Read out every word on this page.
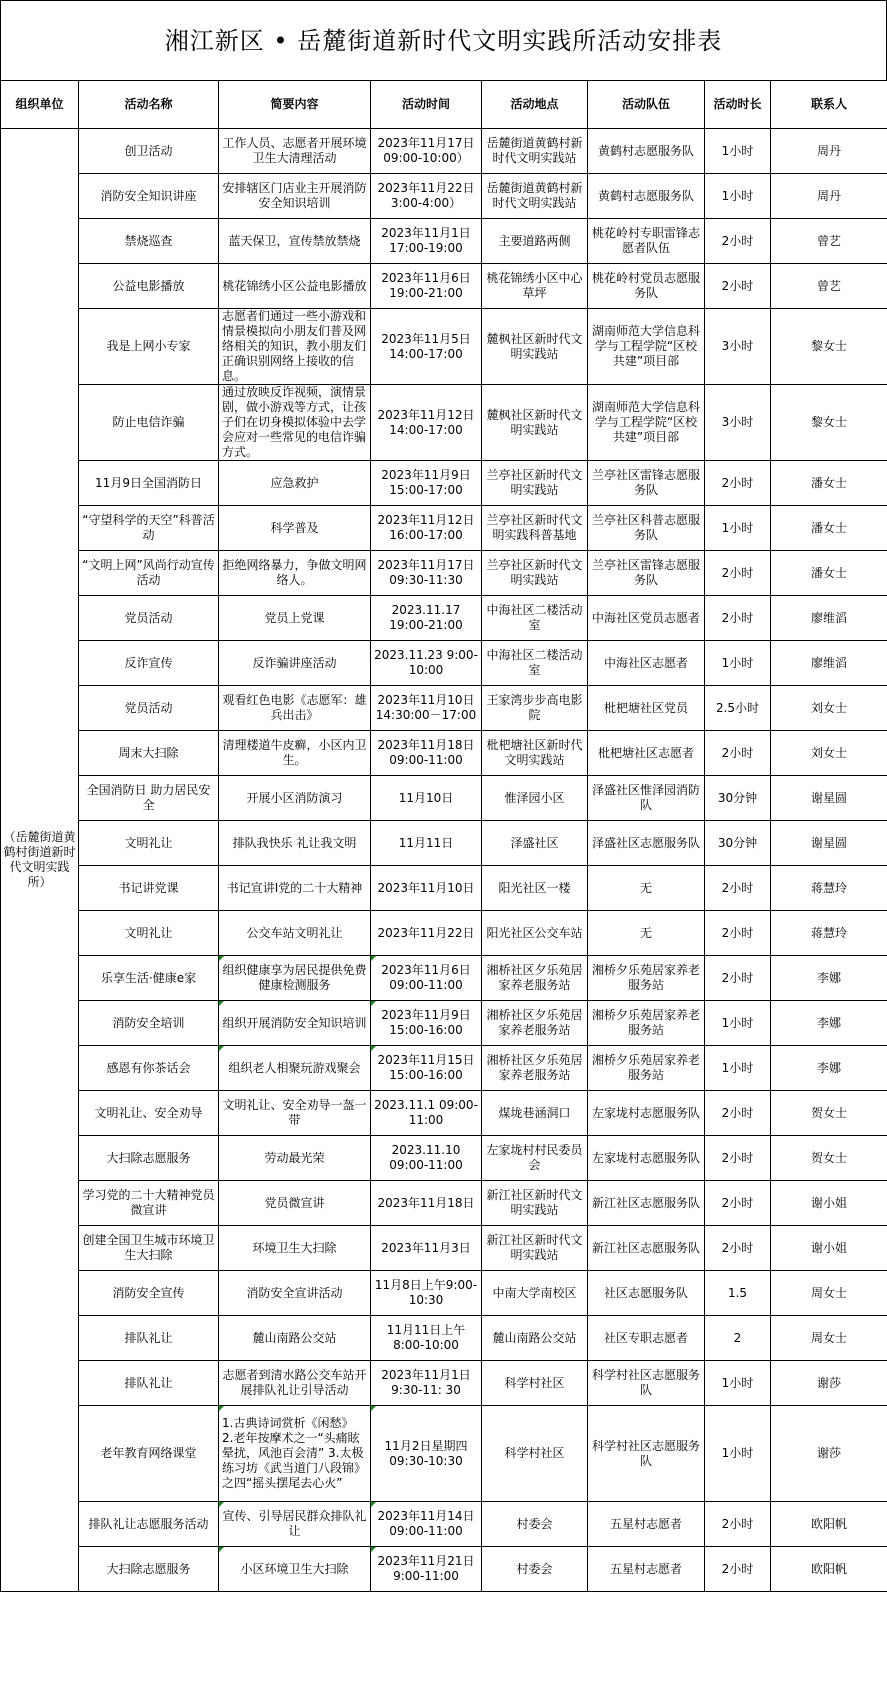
湘江新区 • 岳麓街道新时代文明实践所活动安排表
组织单位	活动名称	简要内容	活动时间	活动地点	活动队伍	活动时长	联系人
（岳麓街道黄鹤村街道新时代文明实践所）	创卫活动	工作人员、志愿者开展环境卫生大清理活动	2023年11月17日 09:00-10:00）	岳麓街道黄鹤村新时代文明实践站	黄鹤村志愿服务队	1小时	周丹
	消防安全知识讲座	安排辖区门店业主开展消防安全知识培训	2023年11月22日 3:00-4:00）	岳麓街道黄鹤村新时代文明实践站	黄鹤村志愿服务队	1小时	周丹
	禁烧巡查	蓝天保卫，宣传禁放禁烧	2023年11月1日 17:00-19:00	主要道路两侧	桃花岭村专职雷锋志愿者队伍	2小时	曾艺
	公益电影播放	桃花锦绣小区公益电影播放	2023年11月6日 19:00-21:00	桃花锦绣小区中心草坪	桃花岭村党员志愿服务队	2小时	曾艺
	我是上网小专家	志愿者们通过一些小游戏和情景模拟向小朋友们普及网络相关的知识，教小朋友们正确识别网络上接收的信息。	2023年11月5日 14:00-17:00	麓枫社区新时代文明实践站	湖南师范大学信息科学与工程学院“区校共建”项目部	3小时	黎女士
	防止电信诈骗	通过放映反诈视频，演情景剧，做小游戏等方式，让孩子们在切身模拟体验中去学会应对一些常见的电信诈骗方式。	2023年11月12日 14:00-17:00	麓枫社区新时代文明实践站	湖南师范大学信息科学与工程学院“区校共建”项目部	3小时	黎女士
	11月9日全国消防日	应急救护	2023年11月9日 15:00-17:00	兰亭社区新时代文明实践站	兰亭社区雷锋志愿服务队	2小时	潘女士
	“守望科学的天空”科普活动	科学普及	2023年11月12日 16:00-17:00	兰亭社区新时代文明实践科普基地	兰亭社区科普志愿服务队	1小时	潘女士
	“文明上网”风尚行动宣传活动	拒绝网络暴力，争做文明网络人。	2023年11月17日 09:30-11:30	兰亭社区新时代文明实践站	兰亭社区雷锋志愿服务队	2小时	潘女士
	党员活动	党员上党课	2023.11.17 19:00-21:00	中海社区二楼活动室	中海社区党员志愿者	2小时	廖维滔
	反诈宣传	反诈骗讲座活动	2023.11.23 9:00-10:00	中海社区二楼活动室	中海社区志愿者	1小时	廖维滔
	党员活动	观看红色电影《志愿军：雄兵出击》	2023年11月10日 14:30:00－17:00	王家湾步步高电影院	枇杷塘社区党员	2.5小时	刘女士
	周末大扫除	清理楼道牛皮癣，小区内卫生。	2023年11月18日 09:00-11:00	枇杷塘社区新时代文明实践站	枇杷塘社区志愿者	2小时	刘女士
	全国消防日 助力居民安全	开展小区消防演习	11月10日	惟泽园小区	泽盛社区惟泽园消防队	30分钟	谢星圆
	文明礼让	排队我快乐 礼让我文明	11月11日	泽盛社区	泽盛社区志愿服务队	30分钟	谢星圆
	书记讲党课	书记宣讲I党的二十大精神	2023年11月10日	阳光社区一楼	无	2小时	蒋慧玲
	文明礼让	公交车站文明礼让	2023年11月22日	阳光社区公交车站	无	2小时	蒋慧玲
	乐享生活·健康e家	组织健康享为居民提供免费健康检测服务	2023年11月6日09:00-11:00	湘桥社区夕乐苑居家养老服务站	湘桥夕乐苑居家养老服务站	2小时	李娜
	消防安全培训	组织开展消防安全知识培训	2023年11月9日15:00-16:00	湘桥社区夕乐苑居家养老服务站	湘桥夕乐苑居家养老服务站	1小时	李娜
	感恩有你茶话会	组织老人相聚玩游戏聚会	2023年11月15日15:00-16:00	湘桥社区夕乐苑居家养老服务站	湘桥夕乐苑居家养老服务站	1小时	李娜
	文明礼让、安全劝导	文明礼让、安全劝导一盔一带	2023.11.1 09:00-11:00	煤垅巷涵洞口	左家垅村志愿服务队	2小时	贺女士
	大扫除志愿服务	劳动最光荣	2023.11.10 09:00-11:00	左家垅村村民委员会	左家垅村志愿服务队	2小时	贺女士
	学习党的二十大精神党员微宣讲	党员微宣讲	2023年11月18日	新江社区新时代文明实践站	新江社区志愿服务队	2小时	谢小姐
	创建全国卫生城市环境卫生大扫除	环境卫生大扫除	2023年11月3日	新江社区新时代文明实践站	新江社区志愿服务队	2小时	谢小姐
	消防安全宣传	消防安全宣讲活动	11月8日上午9:00-10:30	中南大学南校区	社区志愿服务队	1.5	周女士
	排队礼让	麓山南路公交站	11月11日上午8:00-10:00	麓山南路公交站	社区专职志愿者	2	周女士
	排队礼让	志愿者到清水路公交车站开展排队礼让引导活动	2023年11月1日 9:30-11: 30	科学村社区	科学村社区志愿服务队	1小时	谢莎
	老年教育网络课堂	1.古典诗词赏析《闲愁》 2.老年按摩术之一“头痛眩晕扰，风池百会清” 3.太极练习坊《武当道门八段锦》之四“摇头摆尾去心火”	11月2日星期四 09:30-10:30	科学村社区	科学村社区志愿服务队	1小时	谢莎
	排队礼让志愿服务活动	宣传、引导居民群众排队礼让	2023年11月14日09:00-11:00	村委会	五星村志愿者	2小时	欧阳帆
	大扫除志愿服务	小区环境卫生大扫除	2023年11月21日9:00-11:00	村委会	五星村志愿者	2小时	欧阳帆
